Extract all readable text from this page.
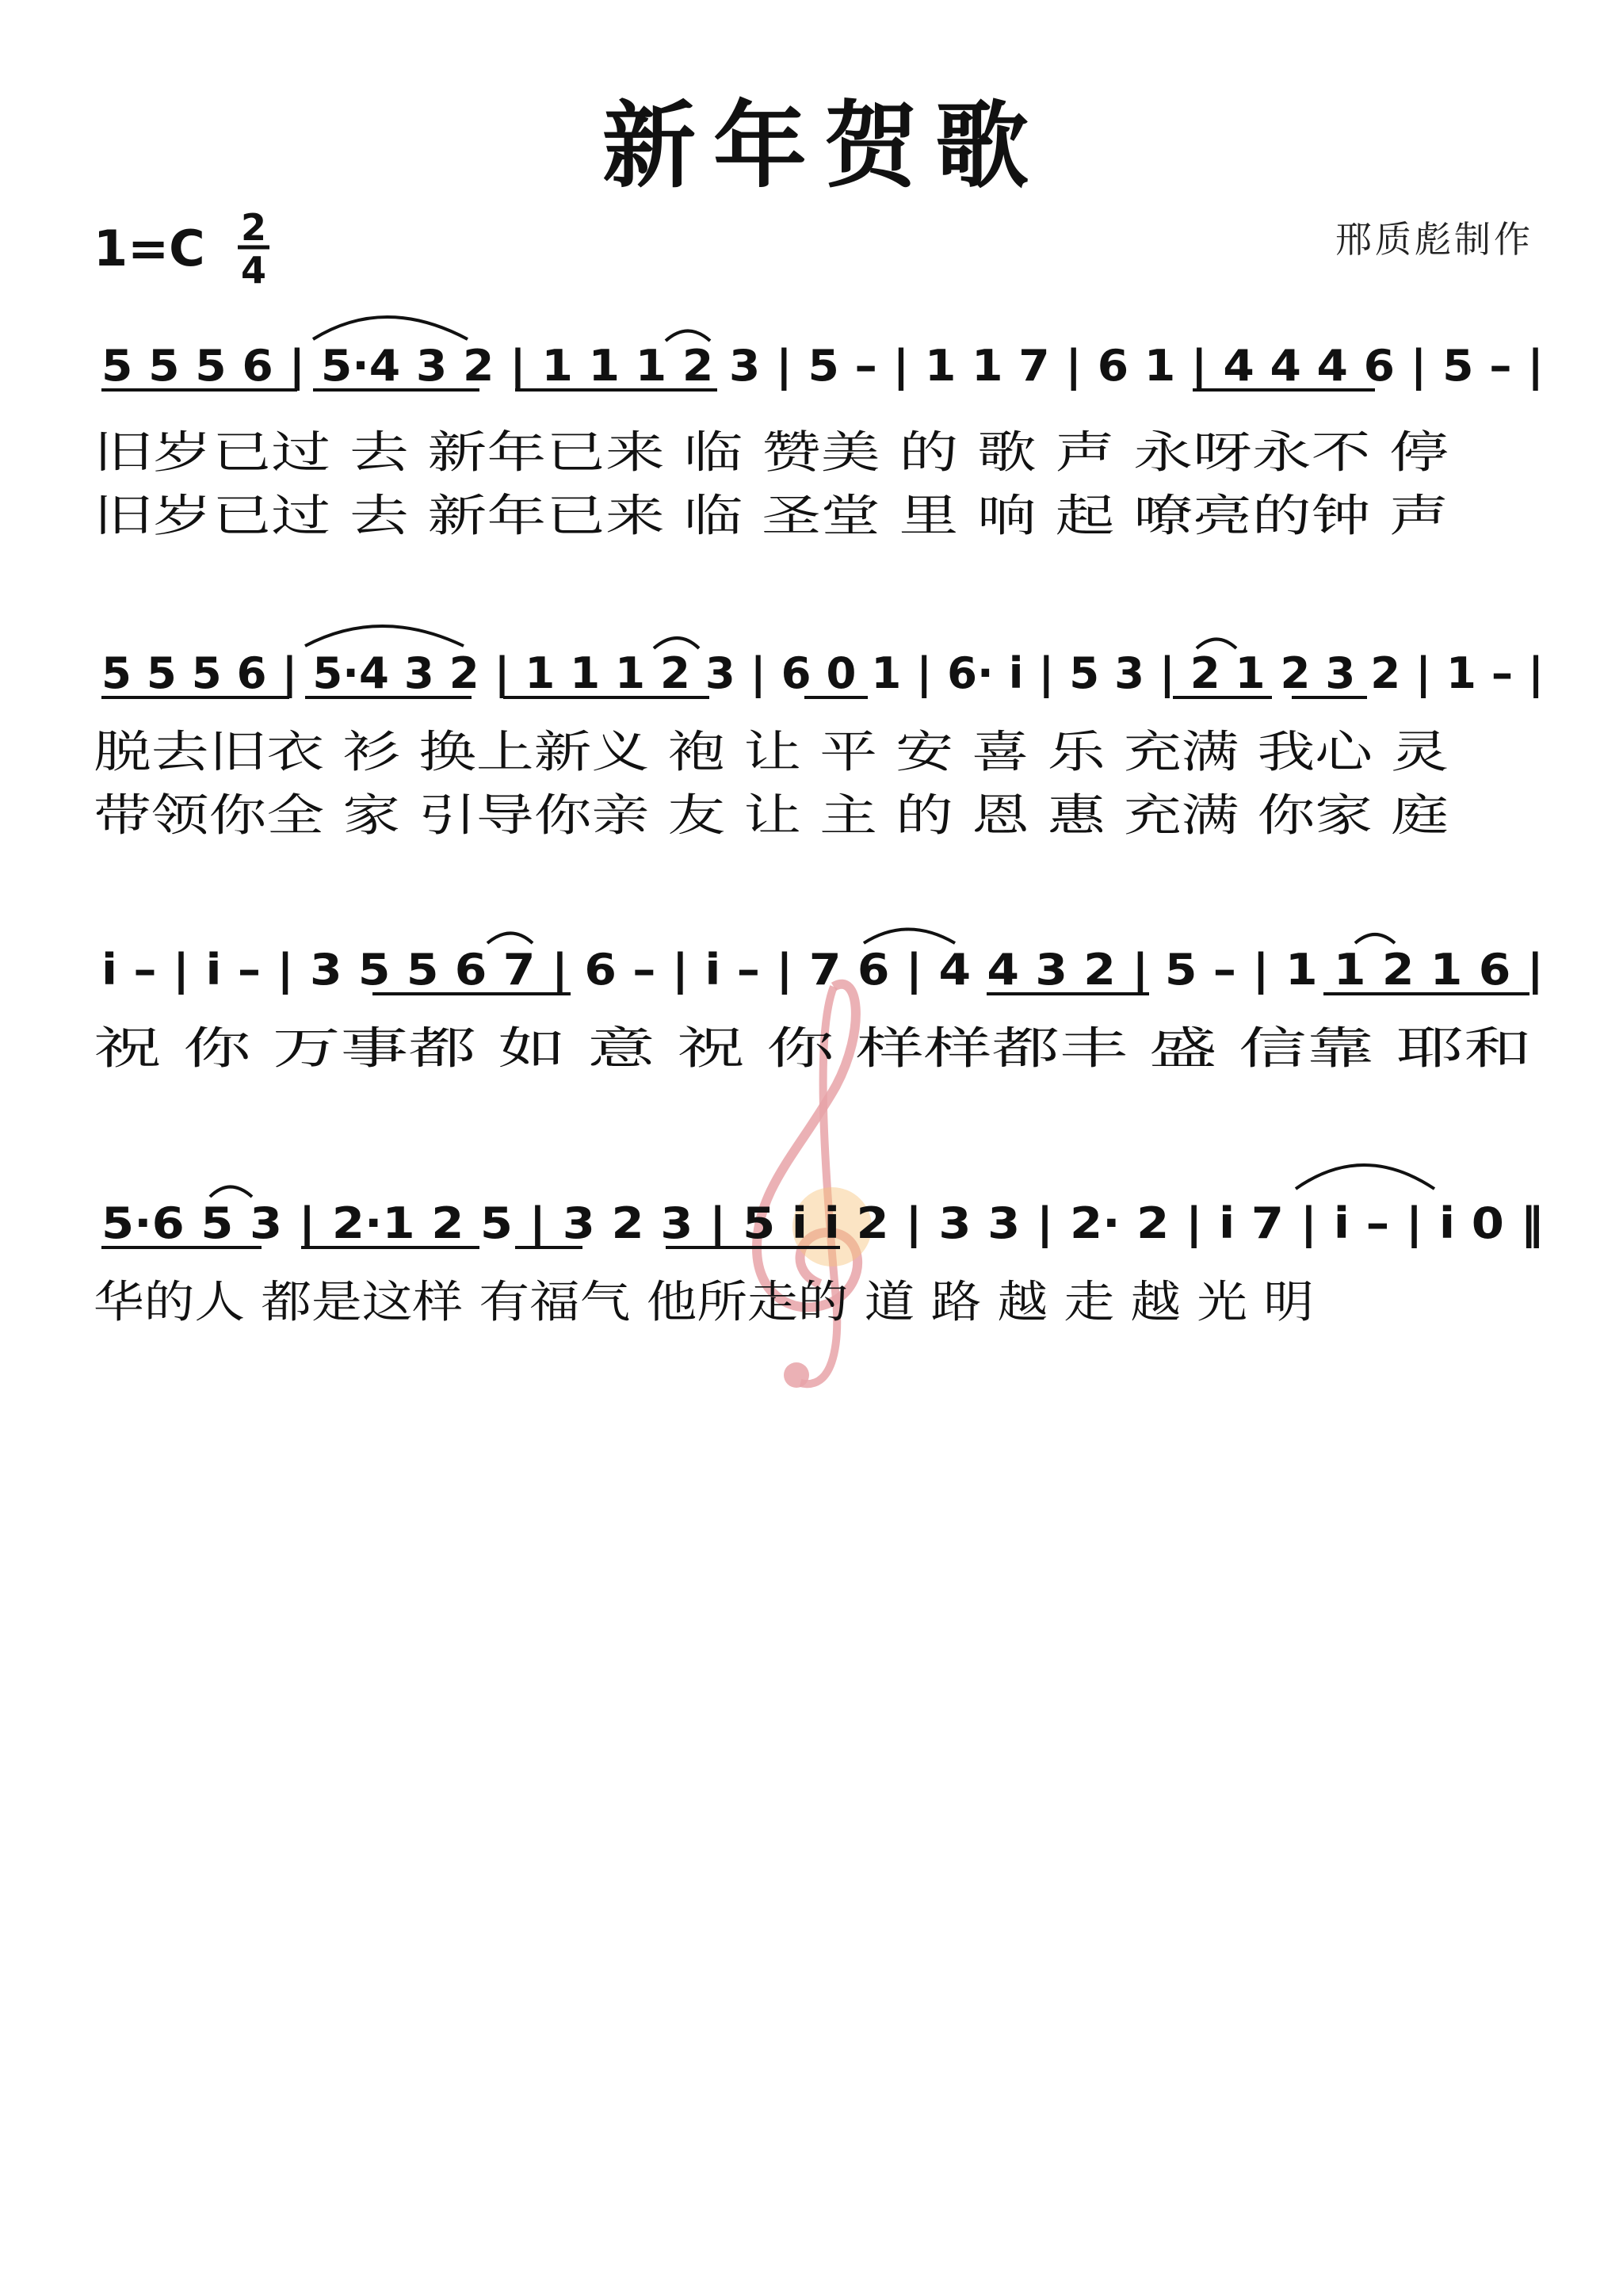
新年贺歌
1=C 2
4
邢质彪制作
5 5 5 6 | 5·4 3 2 | 1 1 1 2 3 | 5 – | 1 1 7 | 6 1 | 4 4 4 6 | 5 – |
旧岁已过 去 新年已来 临 赞美 的 歌 声 永呀永不 停
旧岁已过 去 新年已来 临 圣堂 里 响 起 嘹亮的钟 声
5 5 5 6 | 5·4 3 2 | 1 1 1 2 3 | 6 0 1 | 6· i | 5 3 | 2 1 2 3 2 | 1 – |
脱去旧衣 衫 换上新义 袍 让 平 安 喜 乐 充满 我心 灵
带领你全 家 引导你亲 友 让 主 的 恩 惠 充满 你家 庭
i – | i – | 3 5 5 6 7 | 6 – | i – | 7 6 | 4 4 3 2 | 5 – | 1 1 2 1 6 |
祝 你 万事都 如 意 祝 你 样样都丰 盛 信靠 耶和
5·6 5 3 | 2·1 2 5 | 3 2 3 | 5 i i 2 | 3 3 | 2· 2 | i 7 | i – | i 0 ‖
华的人 都是这样 有福气 他所走的 道 路 越 走 越 光 明
